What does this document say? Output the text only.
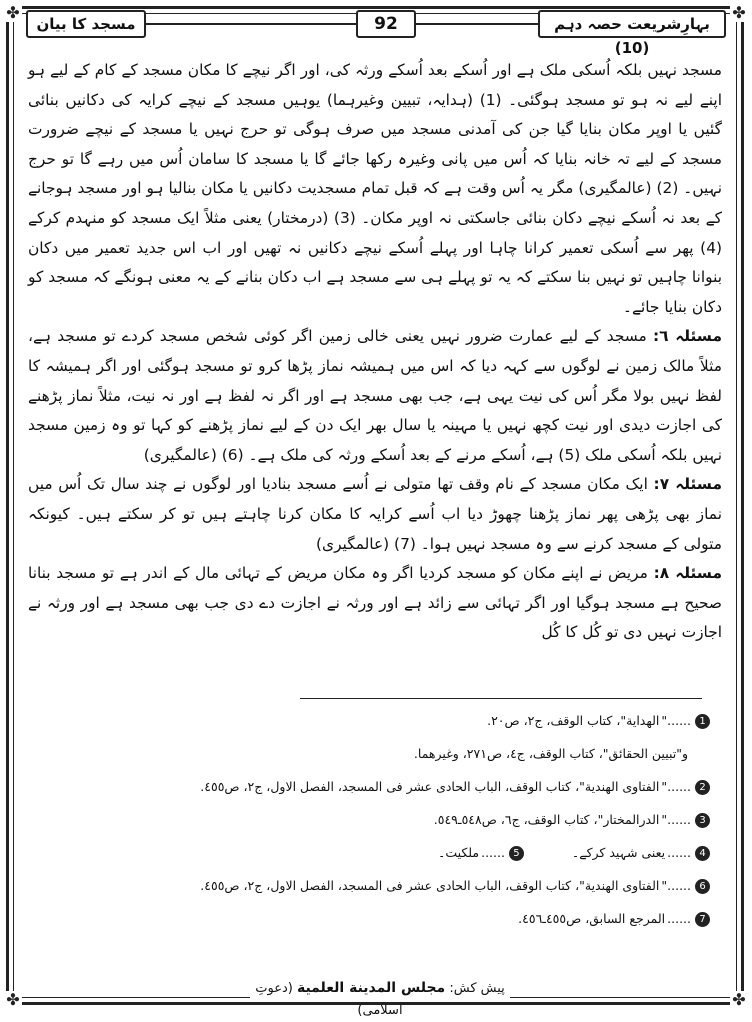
✤	✤
✤	✤
بہارِشریعت حصہ دہم (10)
92
مسجد کا بیان

مسجد نہیں بلکہ اُسکی ملک ہے اور اُسکے بعد اُسکے ورثہ کی، اور اگر نیچے کا مکان مسجد کے کام کے لیے ہو اپنے لیے نہ ہو تو مسجد ہوگئی۔ (1) (ہدایہ، تبیین وغیرہما) یوہیں مسجد کے نیچے کرایہ کی دکانیں بنائی گئیں یا اوپر مکان بنایا گیا جن کی آمدنی مسجد میں صرف ہوگی تو حرج نہیں یا مسجد کے نیچے ضرورت مسجد کے لیے تہ خانہ بنایا کہ اُس میں پانی وغیرہ رکھا جائے گا یا مسجد کا سامان اُس میں رہے گا تو حرج نہیں۔ (2) (عالمگیری) مگر یہ اُس وقت ہے کہ قبل تمام مسجدیت دکانیں یا مکان بنالیا ہو اور مسجد ہوجانے کے بعد نہ اُسکے نیچے دکان بنائی جاسکتی نہ اوپر مکان۔ (3) (درمختار) یعنی مثلاً ایک مسجد کو منہدم کرکے (4) پھر سے اُسکی تعمیر کرانا چاہا اور پہلے اُسکے نیچے دکانیں نہ تھیں اور اب اس جدید تعمیر میں دکان بنوانا چاہیں تو نہیں بنا سکتے کہ یہ تو پہلے ہی سے مسجد ہے اب دکان بنانے کے یہ معنی ہونگے کہ مسجد کو دکان بنایا جائے۔

مسئلہ ٦: مسجد کے لیے عمارت ضرور نہیں یعنی خالی زمین اگر کوئی شخص مسجد کردے تو مسجد ہے، مثلاً مالک زمین نے لوگوں سے کہہ دیا کہ اس میں ہمیشہ نماز پڑھا کرو تو مسجد ہوگئی اور اگر ہمیشہ کا لفظ نہیں بولا مگر اُس کی نیت یہی ہے، جب بھی مسجد ہے اور اگر نہ لفظ ہے اور نہ نیت، مثلاً نماز پڑھنے کی اجازت دیدی اور نیت کچھ نہیں یا مہینہ یا سال بھر ایک دن کے لیے نماز پڑھنے کو کہا تو وہ زمین مسجد نہیں بلکہ اُسکی ملک (5) ہے، اُسکے مرنے کے بعد اُسکے ورثہ کی ملک ہے۔ (6) (عالمگیری)

مسئلہ ۷: ایک مکان مسجد کے نام وقف تھا متولی نے اُسے مسجد بنادیا اور لوگوں نے چند سال تک اُس میں نماز بھی پڑھی پھر نماز پڑھنا چھوڑ دیا اب اُسے کرایہ کا مکان کرنا چاہتے ہیں تو کر سکتے ہیں۔ کیونکہ متولی کے مسجد کرنے سے وہ مسجد نہیں ہوا۔ (7) (عالمگیری)

مسئلہ ۸: مریض نے اپنے مکان کو مسجد کردیا اگر وہ مکان مریض کے تہائی مال کے اندر ہے تو مسجد بنانا صحیح ہے مسجد ہوگیا اور اگر تہائی سے زائد ہے اور ورثہ نے اجازت دے دی جب بھی مسجد ہے اور ورثہ نے اجازت نہیں دی تو کُل کا کُل

1......"الهداية"، كتاب الوقف، ج٢، ص٢٠.
و"تبيين الحقائق"، كتاب الوقف، ج٤، ص٢٧١، وغيرهما.
2......"الفتاوى الهندية"، كتاب الوقف، الباب الحادى عشر فى المسجد، الفصل الاول، ج٢، ص٤٥٥.
3......"الدرالمختار"، كتاب الوقف، ج٦، ص٥٤٨ـ٥٤٩.
4......یعنی شہید کرکے۔  5......ملکیت۔
6......"الفتاوى الهندية"، كتاب الوقف، الباب الحادى عشر فى المسجد، الفصل الاول، ج٢، ص٤٥٥.
7......المرجع السابق، ص٤٥٥ـ٤٥٦.
پیش کش: مجلس المدينة العلمية (دعوتِ اسلامی)
